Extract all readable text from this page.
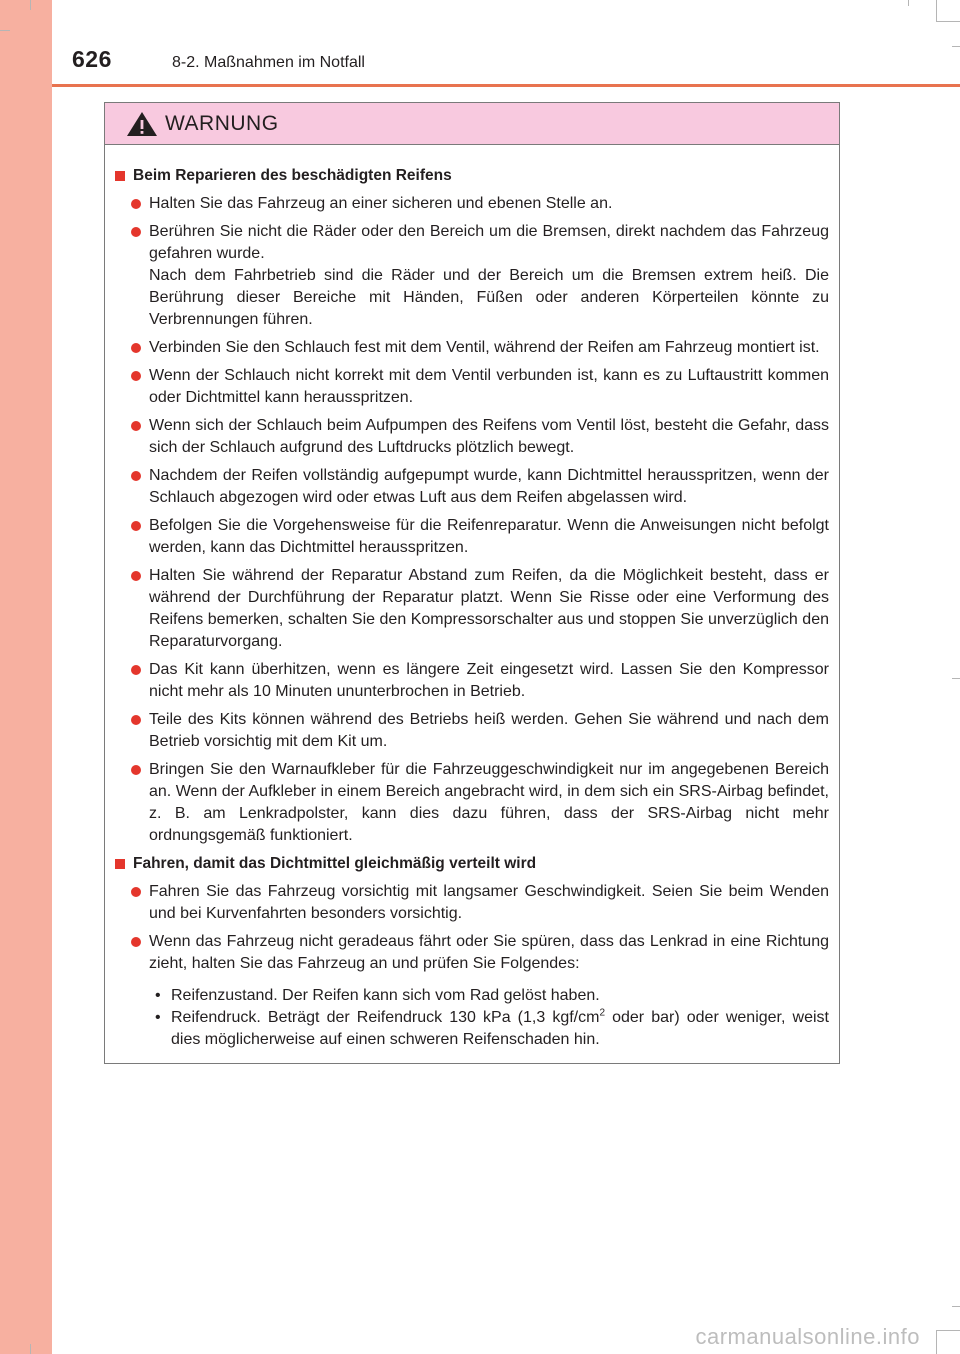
626	8-2. Maßnahmen im Notfall
WARNUNG
Beim Reparieren des beschädigten Reifens

Halten Sie das Fahrzeug an einer sicheren und ebenen Stelle an.

Berühren Sie nicht die Räder oder den Bereich um die Bremsen, direkt nachdem das Fahrzeug gefahren wurde.

Nach dem Fahrbetrieb sind die Räder und der Bereich um die Bremsen extrem heiß. Die Berührung dieser Bereiche mit Händen, Füßen oder anderen Körperteilen könnte zu Verbrennungen führen.

Verbinden Sie den Schlauch fest mit dem Ventil, während der Reifen am Fahrzeug montiert ist.

Wenn der Schlauch nicht korrekt mit dem Ventil verbunden ist, kann es zu Luftaustritt kommen oder Dichtmittel kann herausspritzen.

Wenn sich der Schlauch beim Aufpumpen des Reifens vom Ventil löst, besteht die Gefahr, dass sich der Schlauch aufgrund des Luftdrucks plötzlich bewegt.

Nachdem der Reifen vollständig aufgepumpt wurde, kann Dichtmittel herausspritzen, wenn der Schlauch abgezogen wird oder etwas Luft aus dem Reifen abgelassen wird.

Befolgen Sie die Vorgehensweise für die Reifenreparatur. Wenn die Anweisungen nicht befolgt werden, kann das Dichtmittel herausspritzen.

Halten Sie während der Reparatur Abstand zum Reifen, da die Möglichkeit besteht, dass er während der Durchführung der Reparatur platzt. Wenn Sie Risse oder eine Verformung des Reifens bemerken, schalten Sie den Kompressorschalter aus und stoppen Sie unverzüglich den Reparaturvorgang.

Das Kit kann überhitzen, wenn es längere Zeit eingesetzt wird. Lassen Sie den Kompressor nicht mehr als 10 Minuten ununterbrochen in Betrieb.

Teile des Kits können während des Betriebs heiß werden. Gehen Sie während und nach dem Betrieb vorsichtig mit dem Kit um.

Bringen Sie den Warnaufkleber für die Fahrzeuggeschwindigkeit nur im angegebenen Bereich an. Wenn der Aufkleber in einem Bereich angebracht wird, in dem sich ein SRS-Airbag befindet, z. B. am Lenkradpolster, kann dies dazu führen, dass der SRS-Airbag nicht mehr ordnungsgemäß funktioniert.

Fahren, damit das Dichtmittel gleichmäßig verteilt wird

Fahren Sie das Fahrzeug vorsichtig mit langsamer Geschwindigkeit. Seien Sie beim Wenden und bei Kurvenfahrten besonders vorsichtig.

Wenn das Fahrzeug nicht geradeaus fährt oder Sie spüren, dass das Lenkrad in eine Richtung zieht, halten Sie das Fahrzeug an und prüfen Sie Folgendes:

• Reifenzustand. Der Reifen kann sich vom Rad gelöst haben.
• Reifendruck. Beträgt der Reifendruck 130 kPa (1,3 kgf/$cm^2$ oder bar) oder weniger, weist dies möglicherweise auf einen schweren Reifenschaden hin.
carmanualsonline.info
